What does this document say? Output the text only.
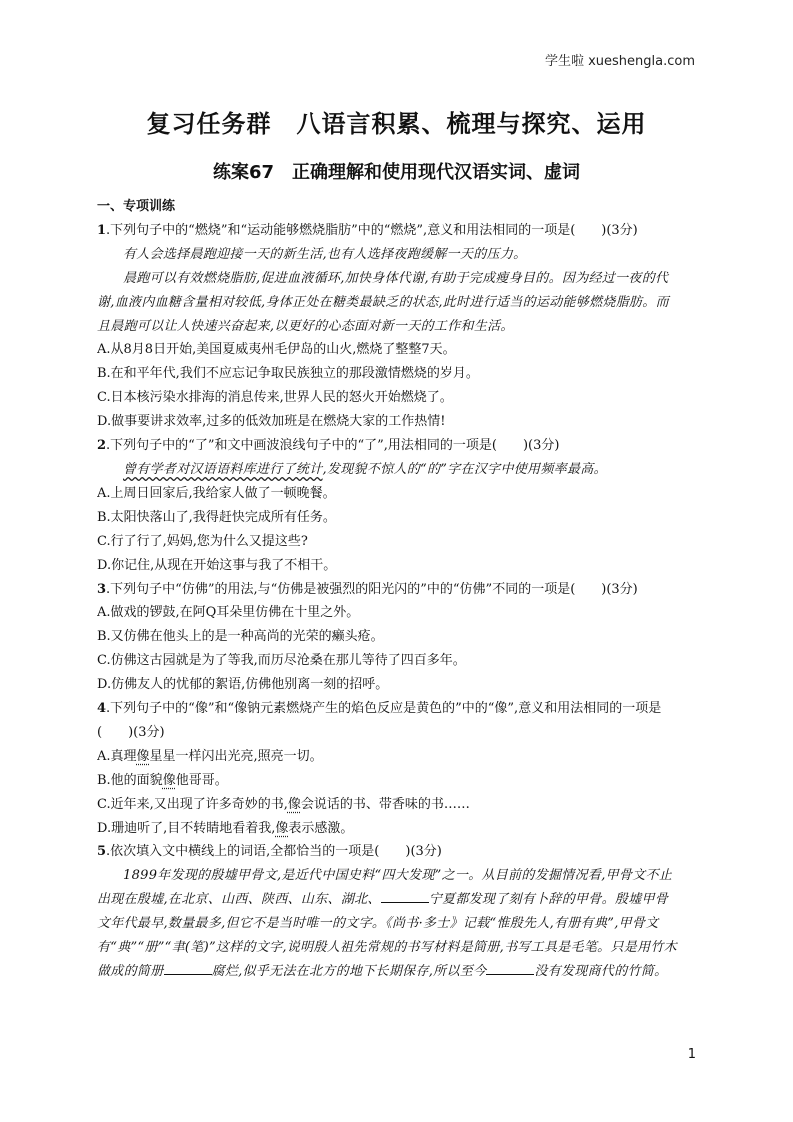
学生啦 xueshengla.com
复习任务群　八语言积累、梳理与探究、运用
练案67　正确理解和使用现代汉语实词、虚词
一、专项训练
1.下列句子中的“燃烧”和“运动能够燃烧脂肪”中的“燃烧”,意义和用法相同的一项是(　　)(3分)
有人会选择晨跑迎接一天的新生活,也有人选择夜跑缓解一天的压力。
晨跑可以有效燃烧脂肪,促进血液循环,加快身体代谢,有助于完成瘦身目的。因为经过一夜的代
谢,血液内血糖含量相对较低,身体正处在糖类最缺乏的状态,此时进行适当的运动能够燃烧脂肪。而
且晨跑可以让人快速兴奋起来,以更好的心态面对新一天的工作和生活。
A.从8月8日开始,美国夏威夷州毛伊岛的山火,燃烧了整整7天。
B.在和平年代,我们不应忘记争取民族独立的那段激情燃烧的岁月。
C.日本核污染水排海的消息传来,世界人民的怒火开始燃烧了。
D.做事要讲求效率,过多的低效加班是在燃烧大家的工作热情!
2.下列句子中的“了”和文中画波浪线句子中的“了”,用法相同的一项是(　　)(3分)
曾有学者对汉语语料库进行了统计,发现貌不惊人的“的”字在汉字中使用频率最高。
A.上周日回家后,我给家人做了一顿晚餐。
B.太阳快落山了,我得赶快完成所有任务。
C.行了行了,妈妈,您为什么又提这些?
D.你记住,从现在开始这事与我了不相干。
3.下列句子中“仿佛”的用法,与“仿佛是被强烈的阳光闪的”中的“仿佛”不同的一项是(　　)(3分)
A.做戏的锣鼓,在阿Q耳朵里仿佛在十里之外。
B.又仿佛在他头上的是一种高尚的光荣的癞头疮。
C.仿佛这古园就是为了等我,而历尽沧桑在那儿等待了四百多年。
D.仿佛友人的忧郁的絮语,仿佛他别离一刻的招呼。
4.下列句子中的“像”和“像钠元素燃烧产生的焰色反应是黄色的”中的“像”,意义和用法相同的一项是
(　　)(3分)
A.真理像星星一样闪出光亮,照亮一切。
B.他的面貌像他哥哥。
C.近年来,又出现了许多奇妙的书,像会说话的书、带香味的书……
D.珊迪听了,目不转睛地看着我,像表示感激。
5.依次填入文中横线上的词语,全都恰当的一项是(　　)(3分)
1899年发现的殷墟甲骨文,是近代中国史料“四大发现”之一。从目前的发掘情况看,甲骨文不止
出现在殷墟,在北京、山西、陕西、山东、湖北、	宁夏都发现了刻有卜辞的甲骨。殷墟甲骨
文年代最早,数量最多,但它不是当时唯一的文字。《尚书·多士》记载“惟殷先人,有册有典”,甲骨文
有“典”“册”“聿(笔)”这样的文字,说明殷人祖先常规的书写材料是简册,书写工具是毛笔。只是用竹木
做成的简册	腐烂,似乎无法在北方的地下长期保存,所以至今	没有发现商代的竹简。
1
